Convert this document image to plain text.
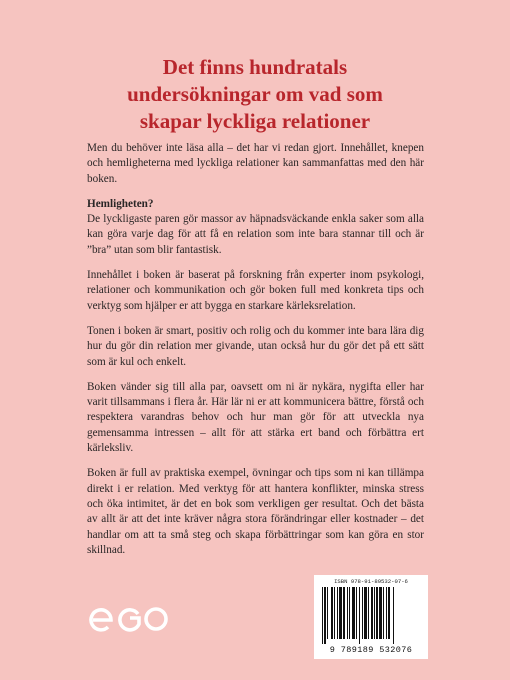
Det finns hundratals
undersökningar om vad som
skapar lyckliga relationer

Men du behöver inte läsa alla – det har vi redan gjort. Innehållet, knepen och hemligheterna med lyckliga relationer kan sammanfattas med den här boken.

Hemligheten?

De lyckligaste paren gör massor av häpnadsväckande enkla saker som alla kan göra varje dag för att få en relation som inte bara stannar till och är ”bra” utan som blir fantastisk.

Innehållet i boken är baserat på forskning från experter inom psykologi, relationer och kommunikation och gör boken full med konkreta tips och verktyg som hjälper er att bygga en starkare kärleksrelation.

Tonen i boken är smart, positiv och rolig och du kommer inte bara lära dig hur du gör din relation mer givande, utan också hur du gör det på ett sätt som är kul och enkelt.

Boken vänder sig till alla par, oavsett om ni är nykära, nygifta eller har varit tillsammans i flera år. Här lär ni er att kommunicera bättre, förstå och respektera varandras behov och hur man gör för att utveckla nya gemensamma intressen – allt för att stärka ert band och förbättra ert kärleksliv.

Boken är full av praktiska exempel, övningar och tips som ni kan tillämpa direkt i er relation. Med verktyg för att hantera konflikter, minska stress och öka intimitet, är det en bok som verkligen ger resultat. Och det bästa av allt är att det inte kräver några stora förändringar eller kostnader – det handlar om att ta små steg och skapa förbättringar som kan göra en stor skillnad.

ISBN 978-91-89532-07-6
9 789189 532076
